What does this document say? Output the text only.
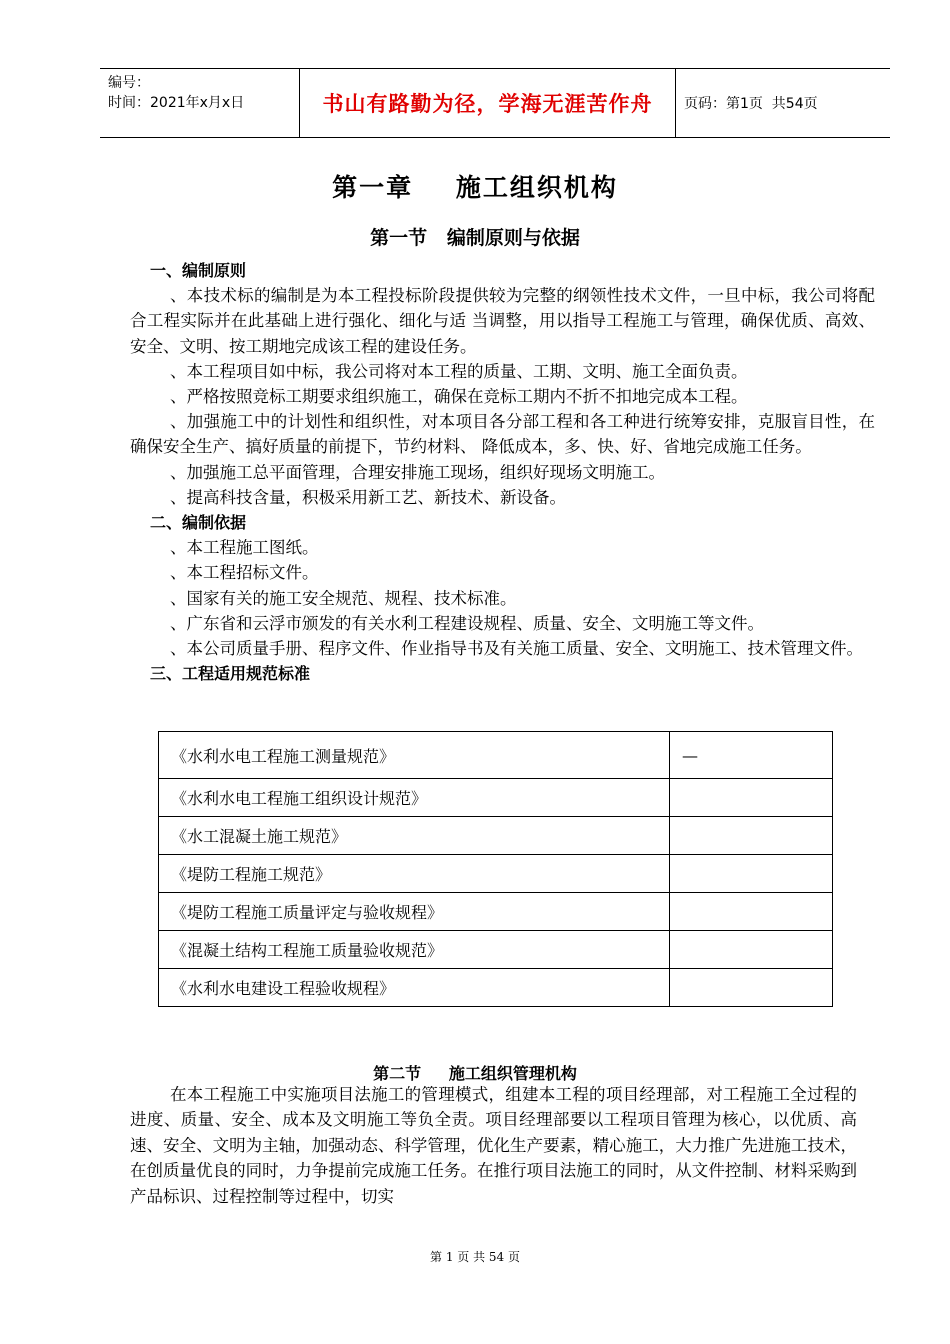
编号：
时间：2021年x月x日	书山有路勤为径，学海无涯苦作舟	页码：第1页  共54页
第一章    施工组织机构
第一节   编制原则与依据
一、编制原则
、本技术标的编制是为本工程投标阶段提供较为完整的纲领性技术文件，一旦中标，我公司将配合工程实际并在此基础上进行强化、细化与适 当调整，用以指导工程施工与管理，确保优质、高效、安全、文明、按工期地完成该工程的建设任务。
、本工程项目如中标，我公司将对本工程的质量、工期、文明、施工全面负责。
、严格按照竞标工期要求组织施工，确保在竞标工期内不折不扣地完成本工程。
、加强施工中的计划性和组织性，对本项目各分部工程和各工种进行统筹安排，克服盲目性，在确保安全生产、搞好质量的前提下，节约材料、 降低成本，多、快、好、省地完成施工任务。
、加强施工总平面管理，合理安排施工现场，组织好现场文明施工。
、提高科技含量，积极采用新工艺、新技术、新设备。
二、编制依据
、本工程施工图纸。
、本工程招标文件。
、国家有关的施工安全规范、规程、技术标准。
、广东省和云浮市颁发的有关水利工程建设规程、质量、安全、文明施工等文件。
、本公司质量手册、程序文件、作业指导书及有关施工质量、安全、文明施工、技术管理文件。
三、工程适用规范标准
《水利水电工程施工测量规范》	—
《水利水电工程施工组织设计规范》	
《水工混凝土施工规范》	
《堤防工程施工规范》	
《堤防工程施工质量评定与验收规程》	
《混凝土结构工程施工质量验收规范》	
《水利水电建设工程验收规程》	
第二节     施工组织管理机构
在本工程施工中实施项目法施工的管理模式，组建本工程的项目经理部，对工程施工全过程的进度、质量、安全、成本及文明施工等负全责。项目经理部要以工程项目管理为核心，以优质、高速、安全、文明为主轴，加强动态、科学管理，优化生产要素，精心施工，大力推广先进施工技术，在创质量优良的同时，力争提前完成施工任务。在推行项目法施工的同时，从文件控制、材料采购到产品标识、过程控制等过程中，切实
第 1 页 共 54 页
